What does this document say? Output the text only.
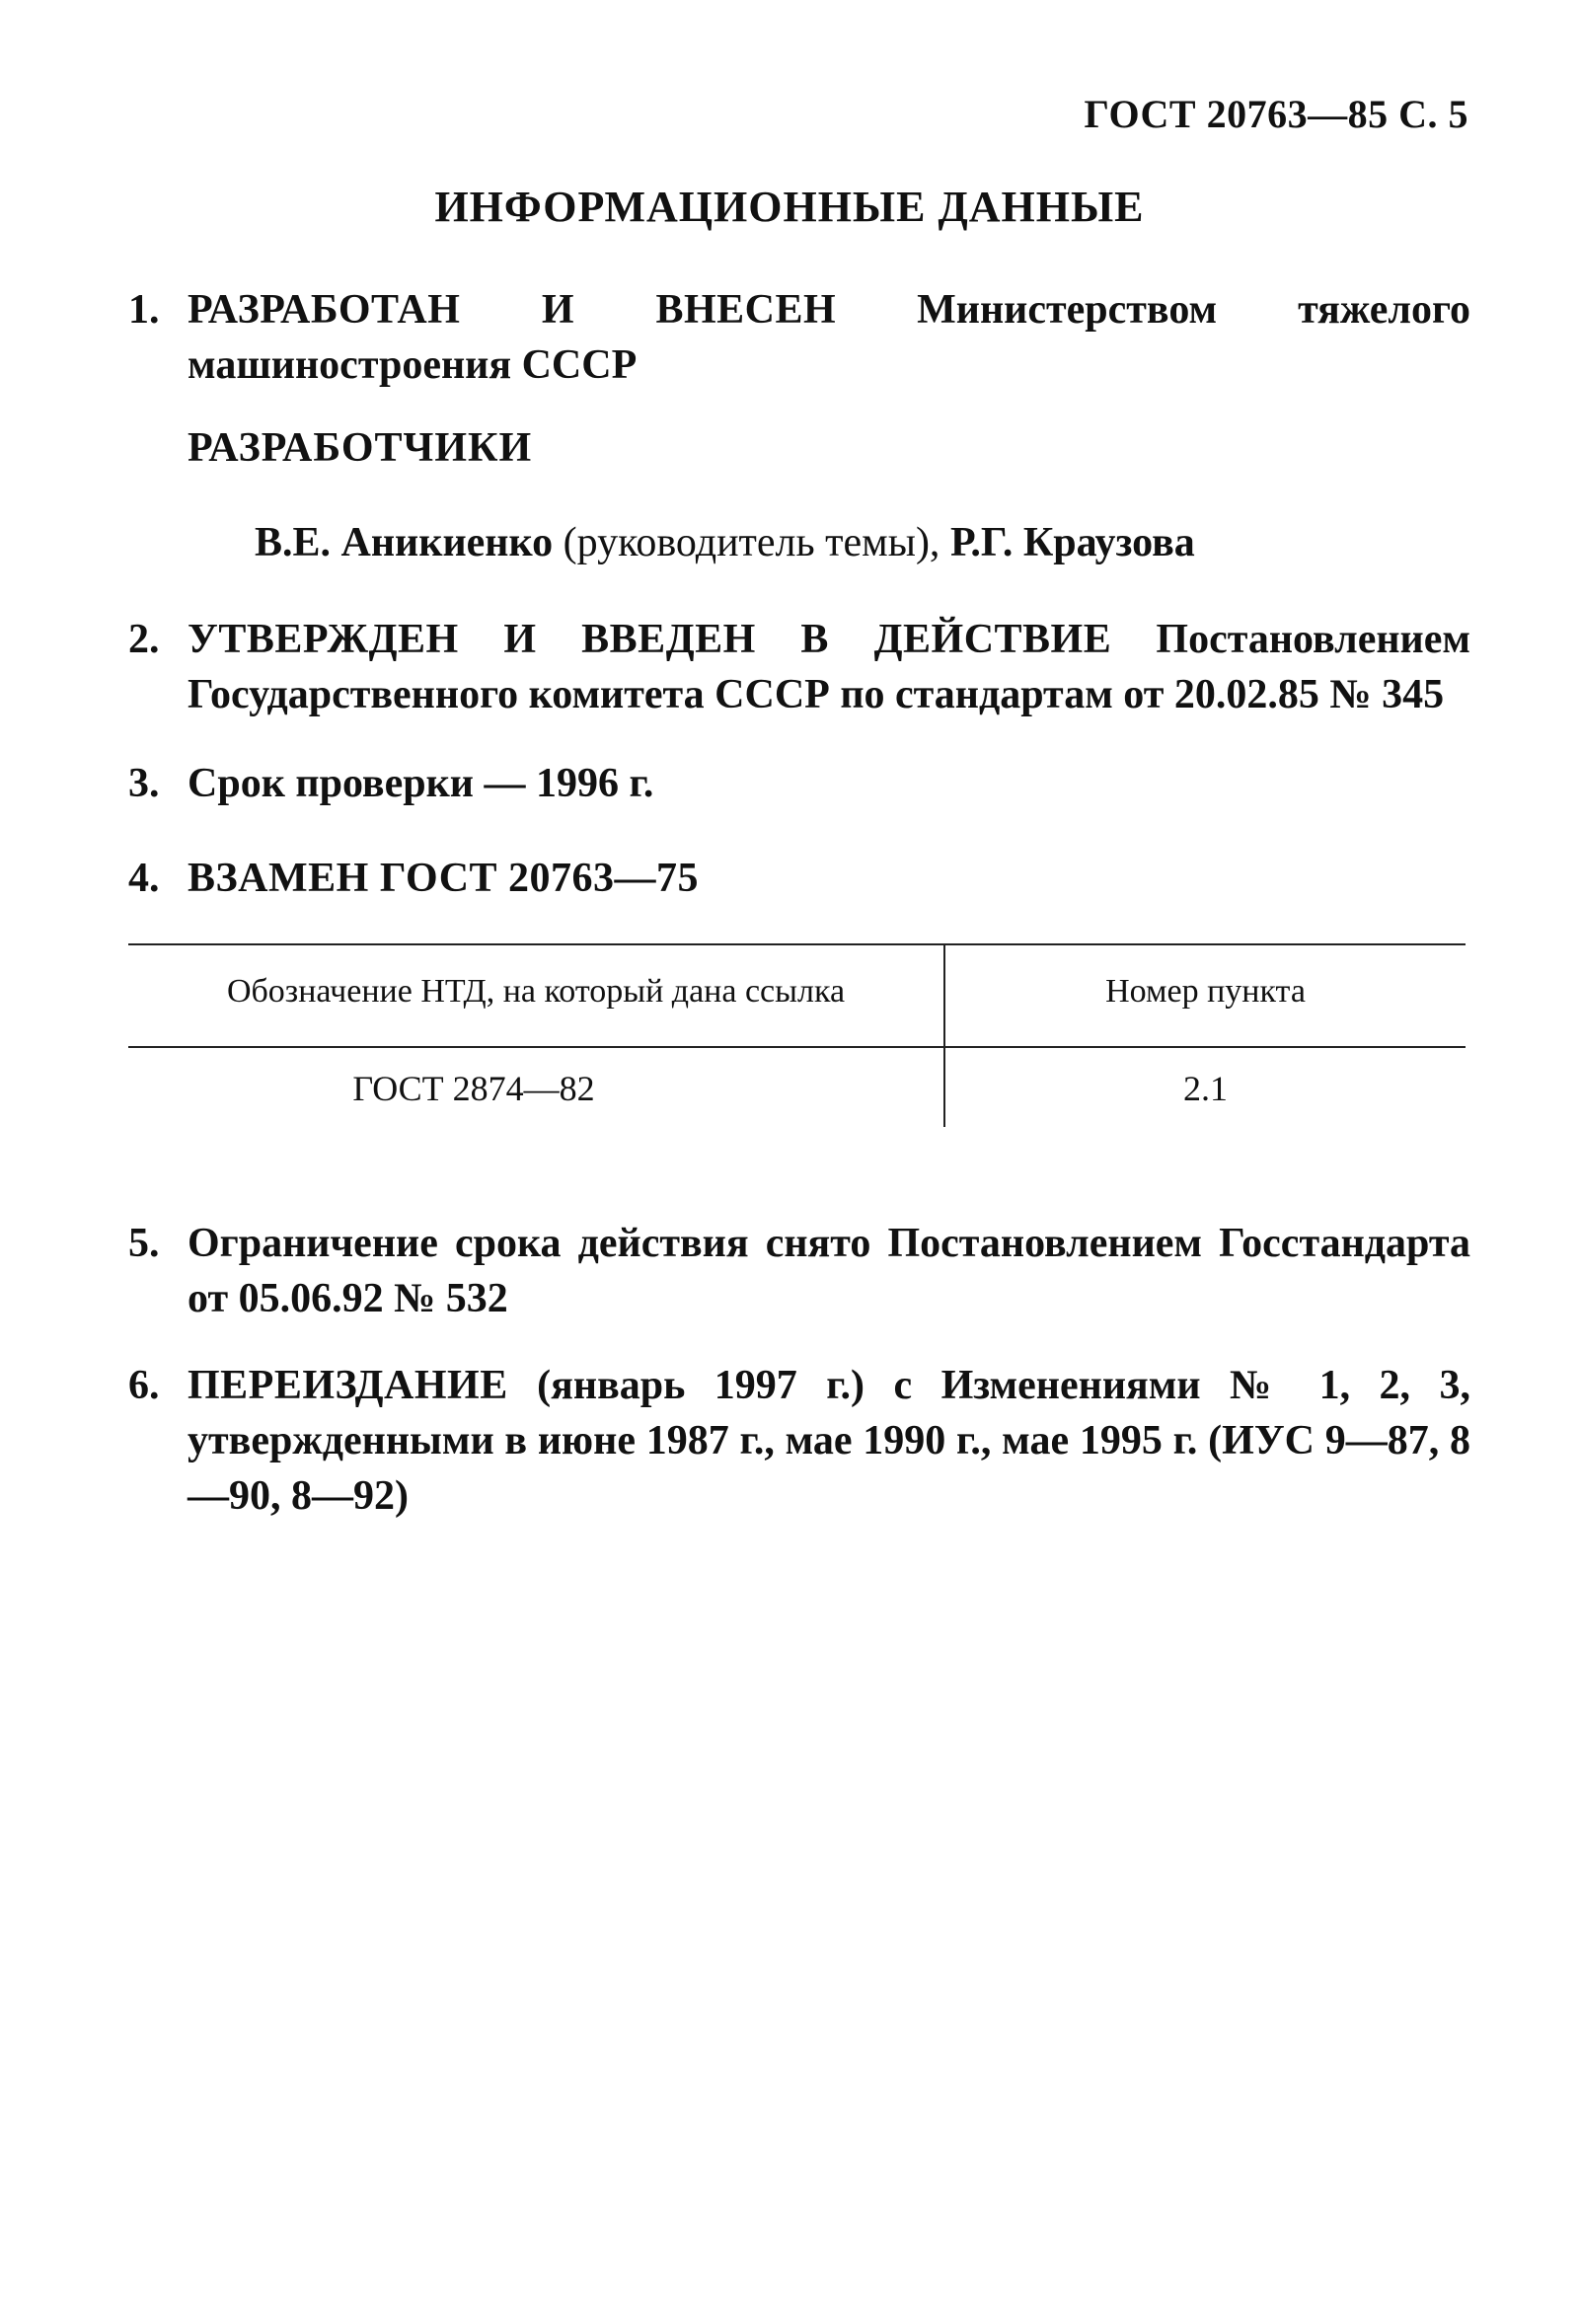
ГОСТ 20763—85 С. 5
ИНФОРМАЦИОННЫЕ ДАННЫЕ
1. РАЗРАБОТАН И ВНЕСЕН Министерством тяжелого машиностроения СССР
РАЗРАБОТЧИКИ
В.Е. Аникиенко (руководитель темы), Р.Г. Краузова
2. УТВЕРЖДЕН И ВВЕДЕН В ДЕЙСТВИЕ Постановлением Государственного комитета СССР по стандартам от 20.02.85 № 345
3. Срок проверки — 1996 г.
4. ВЗАМЕН ГОСТ 20763—75
Обозначение НТД, на который дана ссылка	Номер пункта
ГОСТ 2874—82	2.1
5. Ограничение срока действия снято Постановлением Госстандарта от 05.06.92 № 532
6. ПЕРЕИЗДАНИЕ (январь 1997 г.) с Изменениями № 1, 2, 3, утвержденными в июне 1987 г., мае 1990 г., мае 1995 г. (ИУС 9—87, 8—90, 8—92)
